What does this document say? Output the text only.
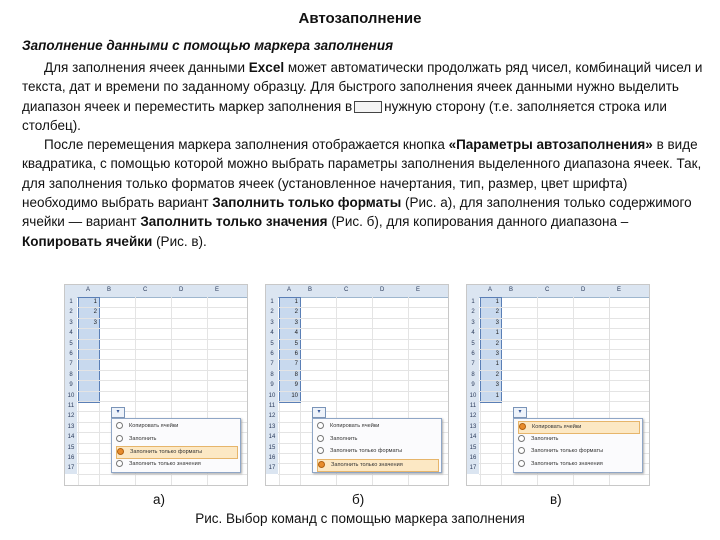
Автозаполнение
Заполнение данными с помощью маркера заполнения

Для заполнения ячеек данными Excel может автоматически продолжать ряд чисел, комбинаций чисел и текста, дат и времени по заданному образцу. Для быстрого заполнения ячеек данными нужно выделить диапазон ячеек и переместить маркер заполнения в нужную сторону (т.е. заполняется строка или столбец).

После перемещения маркера заполнения отображается кнопка «Параметры автозаполнения» в виде квадратика, с помощью которой можно выбрать параметры заполнения выделенного диапазона ячеек. Так, для заполнения только форматов ячеек (установленное начертания, тип, размер, цвет шрифта) необходимо выбрать вариант Заполнить только форматы (Рис. а), для заполнения только содержимого ячейки — вариант Заполнить только значения (Рис. б), для копирования данного диапазона – Копировать ячейки (Рис. в).

A	B	C	D	E
1	1
2	2
3	3
4
5
6
7
8
9
10
11
12
13
14
15
16
17
▾
Копировать ячейки
Заполнить
Заполнить только форматы
Заполнить только значения
A	B	C	D	E
1	1
2	2
3	3
4	4
5	5
6	6
7	7
8	8
9	9
10	10
11
12
13
14
15
16
17
▾
Копировать ячейки
Заполнить
Заполнить только форматы
Заполнить только значения
A	B	C	D	E
1	1
2	2
3	3
4	1
5	2
6	3
7	1
8	2
9	3
10	1
11
12
13
14
15
16
17
▾
Копировать ячейки
Заполнить
Заполнить только форматы
Заполнить только значения
а)	б)	в)
Рис. Выбор команд с помощью маркера заполнения
